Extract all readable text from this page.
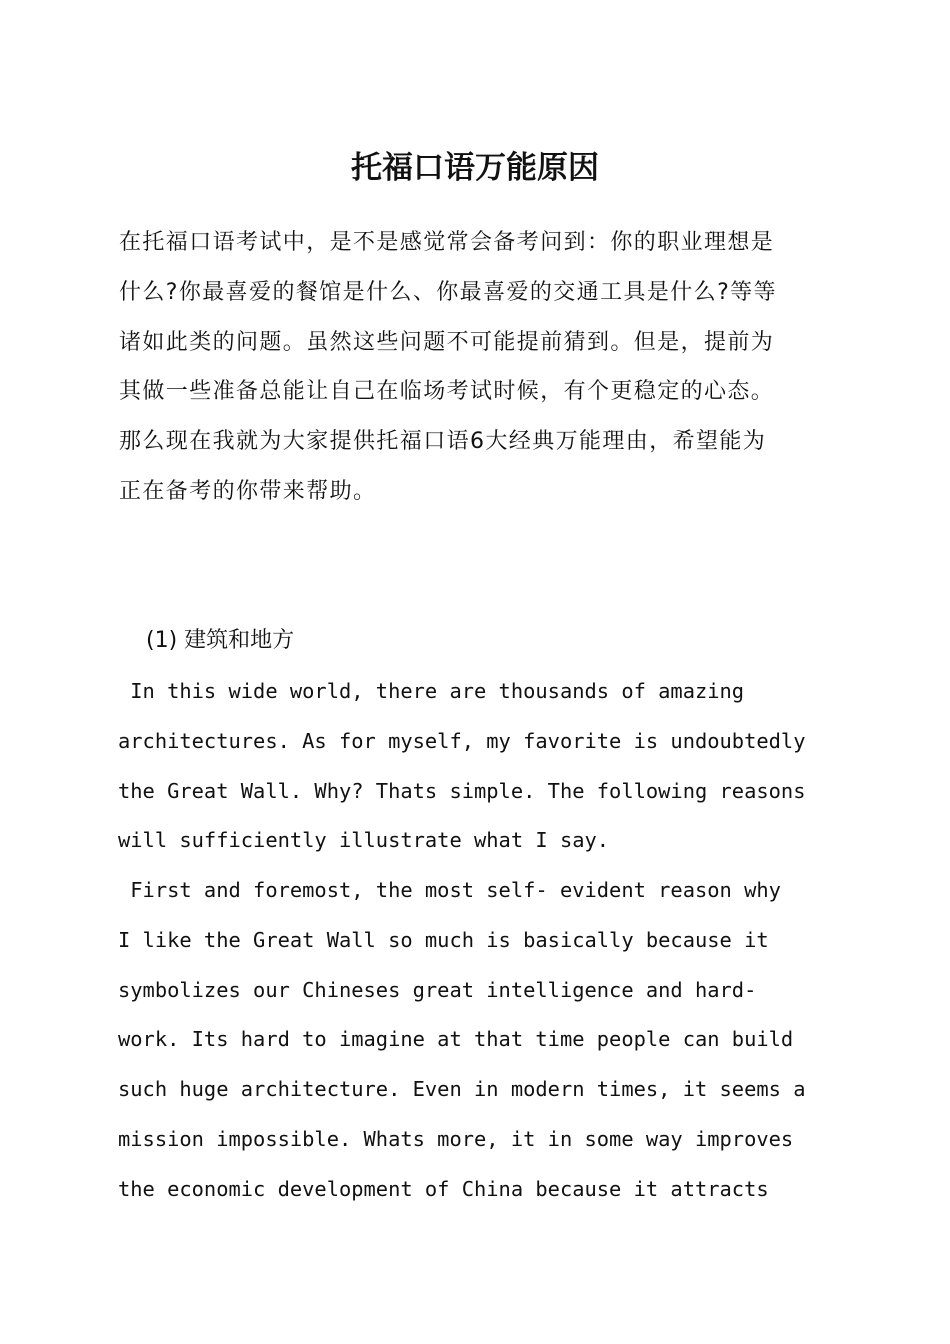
托福口语万能原因
在托福口语考试中，是不是感觉常会备考问到：你的职业理想是
什么?你最喜爱的餐馆是什么、你最喜爱的交通工具是什么?等等
诸如此类的问题。虽然这些问题不可能提前猜到。但是，提前为
其做一些准备总能让自己在临场考试时候，有个更稳定的心态。
那么现在我就为大家提供托福口语6大经典万能理由，希望能为
正在备考的你带来帮助。
(1) 建筑和地方
In this wide world, there are thousands of amazing
architectures. As for myself, my favorite is undoubtedly
the Great Wall. Why? Thats simple. The following reasons
will sufficiently illustrate what I say.
First and foremost, the most self- evident reason why
I like the Great Wall so much is basically because it
symbolizes our Chineses great intelligence and hard-
work. Its hard to imagine at that time people can build
such huge architecture. Even in modern times, it seems a
mission impossible. Whats more, it in some way improves
the economic development of China because it attracts
